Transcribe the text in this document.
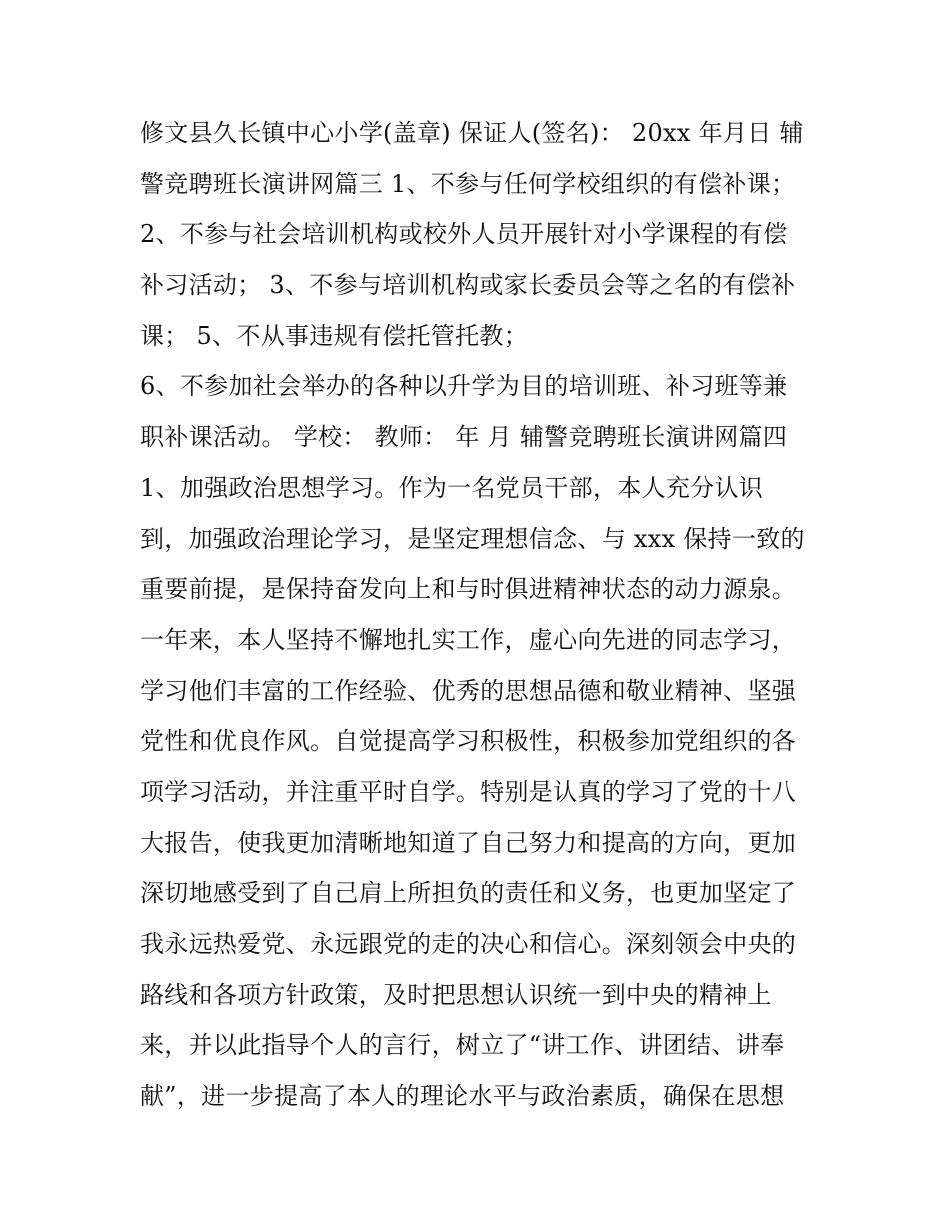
修文县久长镇中心小学(盖章) 保证人(签名)： 20xx 年月日 辅
警竞聘班长演讲网篇三 1、不参与任何学校组织的有偿补课；
2、不参与社会培训机构或校外人员开展针对小学课程的有偿
补习活动； 3、不参与培训机构或家长委员会等之名的有偿补
课； 5、不从事违规有偿托管托教；
6、不参加社会举办的各种以升学为目的培训班、补习班等兼
职补课活动。 学校： 教师： 年 月 辅警竞聘班长演讲网篇四
1、加强政治思想学习。作为一名党员干部，本人充分认识
到，加强政治理论学习，是坚定理想信念、与 xxx 保持一致的
重要前提，是保持奋发向上和与时俱进精神状态的动力源泉。
一年来，本人坚持不懈地扎实工作，虚心向先进的同志学习，
学习他们丰富的工作经验、优秀的思想品德和敬业精神、坚强
党性和优良作风。自觉提高学习积极性，积极参加党组织的各
项学习活动，并注重平时自学。特别是认真的学习了党的十八
大报告，使我更加清晰地知道了自己努力和提高的方向，更加
深切地感受到了自己肩上所担负的责任和义务，也更加坚定了
我永远热爱党、永远跟党的走的决心和信心。深刻领会中央的
路线和各项方针政策，及时把思想认识统一到中央的精神上
来，并以此指导个人的言行，树立了“讲工作、讲团结、讲奉
献”，进一步提高了本人的理论水平与政治素质，确保在思想
